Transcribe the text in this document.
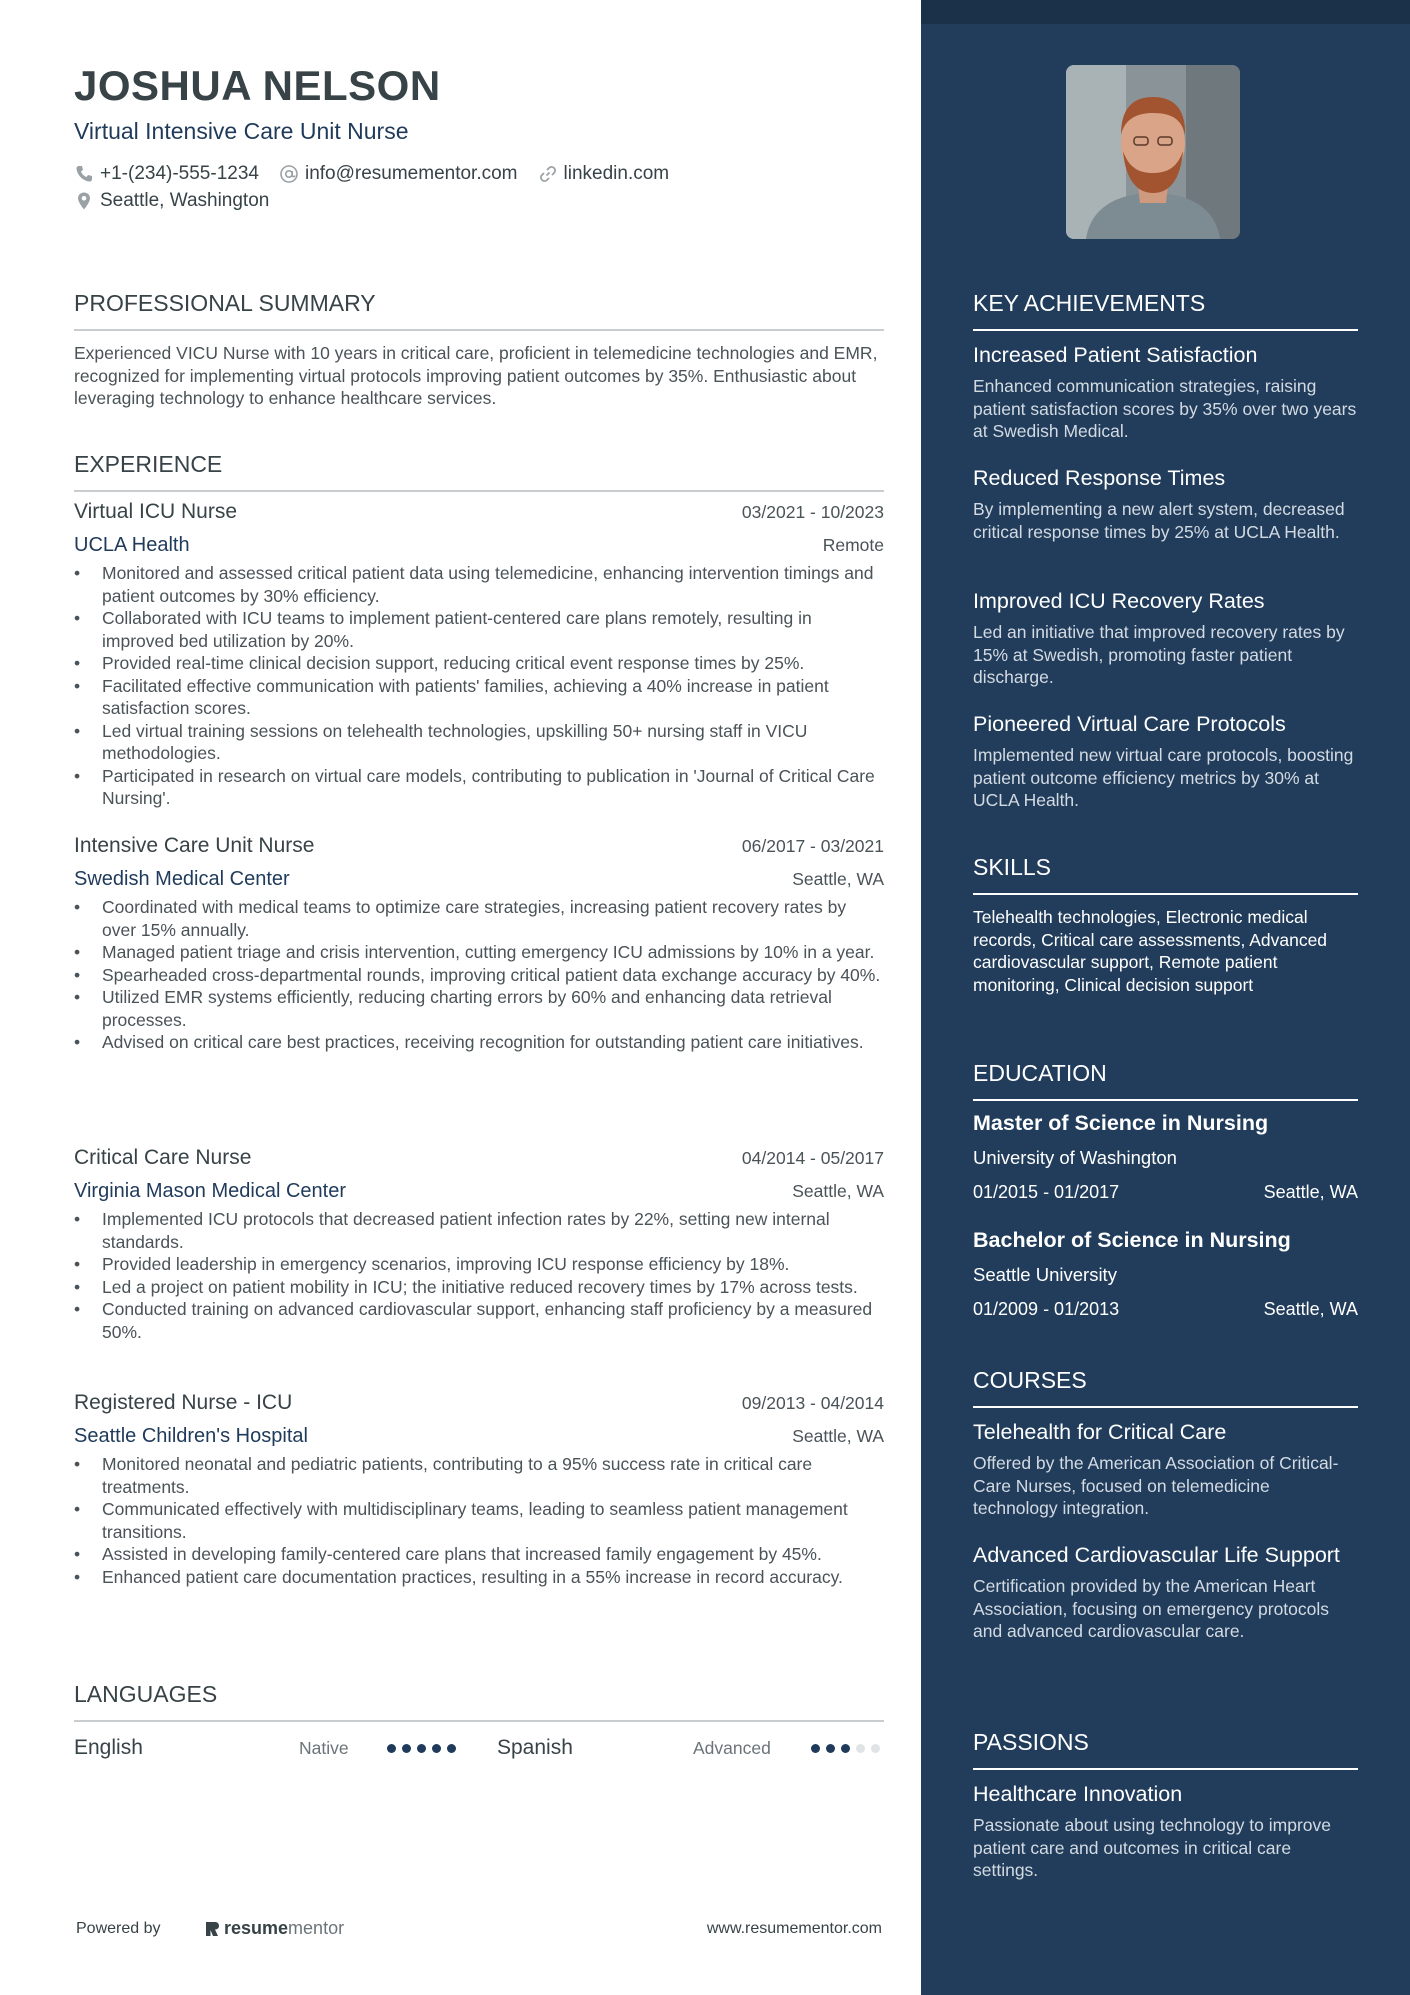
JOSHUA NELSON
Virtual Intensive Care Unit Nurse
+1-(234)-555-1234 info@resumementor.com linkedin.com
Seattle, Washington
PROFESSIONAL SUMMARY
Experienced VICU Nurse with 10 years in critical care, proficient in telemedicine technologies and EMR, recognized for implementing virtual protocols improving patient outcomes by 35%. Enthusiastic about leveraging technology to enhance healthcare services.
EXPERIENCE
Virtual ICU Nurse	03/2021 - 10/2023
UCLA Health	Remote
• Monitored and assessed critical patient data using telemedicine, enhancing intervention timings and patient outcomes by 30% efficiency.
• Collaborated with ICU teams to implement patient-centered care plans remotely, resulting in improved bed utilization by 20%.
• Provided real-time clinical decision support, reducing critical event response times by 25%.
• Facilitated effective communication with patients' families, achieving a 40% increase in patient satisfaction scores.
• Led virtual training sessions on telehealth technologies, upskilling 50+ nursing staff in VICU methodologies.
• Participated in research on virtual care models, contributing to publication in 'Journal of Critical Care Nursing'.
Intensive Care Unit Nurse	06/2017 - 03/2021
Swedish Medical Center	Seattle, WA
• Coordinated with medical teams to optimize care strategies, increasing patient recovery rates by over 15% annually.
• Managed patient triage and crisis intervention, cutting emergency ICU admissions by 10% in a year.
• Spearheaded cross-departmental rounds, improving critical patient data exchange accuracy by 40%.
• Utilized EMR systems efficiently, reducing charting errors by 60% and enhancing data retrieval processes.
• Advised on critical care best practices, receiving recognition for outstanding patient care initiatives.
Critical Care Nurse	04/2014 - 05/2017
Virginia Mason Medical Center	Seattle, WA
• Implemented ICU protocols that decreased patient infection rates by 22%, setting new internal standards.
• Provided leadership in emergency scenarios, improving ICU response efficiency by 18%.
• Led a project on patient mobility in ICU; the initiative reduced recovery times by 17% across tests.
• Conducted training on advanced cardiovascular support, enhancing staff proficiency by a measured 50%.
Registered Nurse - ICU	09/2013 - 04/2014
Seattle Children's Hospital	Seattle, WA
• Monitored neonatal and pediatric patients, contributing to a 95% success rate in critical care treatments.
• Communicated effectively with multidisciplinary teams, leading to seamless patient management transitions.
• Assisted in developing family-centered care plans that increased family engagement by 45%.
• Enhanced patient care documentation practices, resulting in a 55% increase in record accuracy.
LANGUAGES
English	Native	Spanish	Advanced
Powered by	resume mentor	www.resumementor.com
KEY ACHIEVEMENTS
Increased Patient Satisfaction
Enhanced communication strategies, raising patient satisfaction scores by 35% over two years at Swedish Medical.
Reduced Response Times
By implementing a new alert system, decreased critical response times by 25% at UCLA Health.
Improved ICU Recovery Rates
Led an initiative that improved recovery rates by 15% at Swedish, promoting faster patient discharge.
Pioneered Virtual Care Protocols
Implemented new virtual care protocols, boosting patient outcome efficiency metrics by 30% at UCLA Health.
SKILLS
Telehealth technologies, Electronic medical records, Critical care assessments, Advanced cardiovascular support, Remote patient monitoring, Clinical decision support
EDUCATION
Master of Science in Nursing
University of Washington
01/2015 - 01/2017	Seattle, WA
Bachelor of Science in Nursing
Seattle University
01/2009 - 01/2013	Seattle, WA
COURSES
Telehealth for Critical Care
Offered by the American Association of Critical-Care Nurses, focused on telemedicine technology integration.
Advanced Cardiovascular Life Support
Certification provided by the American Heart Association, focusing on emergency protocols and advanced cardiovascular care.
PASSIONS
Healthcare Innovation
Passionate about using technology to improve patient care and outcomes in critical care settings.
